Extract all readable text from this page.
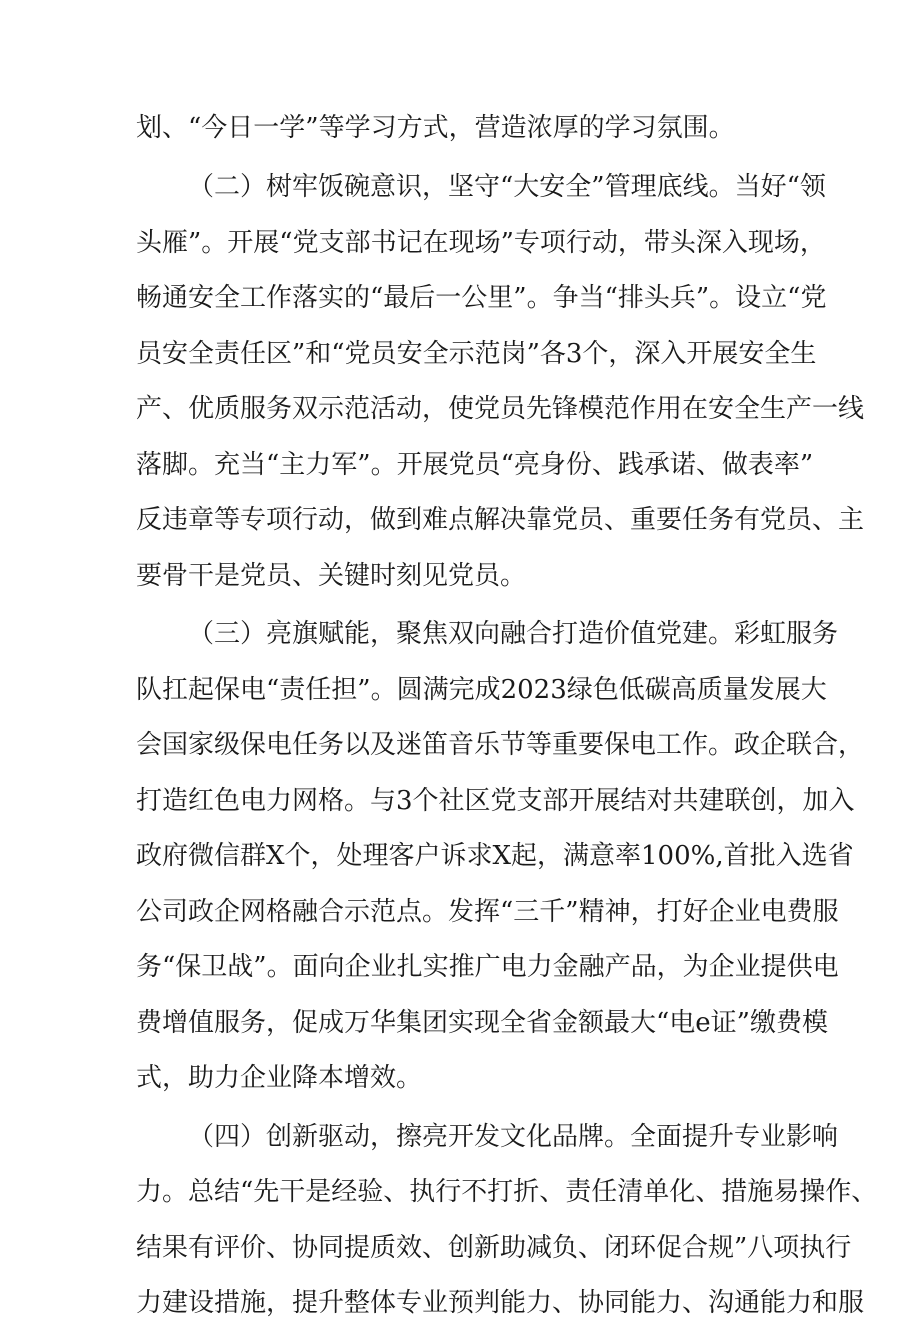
划、“今日一学”等学习方式，营造浓厚的学习氛围。
（二）树牢饭碗意识，坚守“大安全”管理底线。当好“领
头雁”。开展“党支部书记在现场”专项行动，带头深入现场，
畅通安全工作落实的“最后一公里”。争当“排头兵”。设立“党
员安全责任区”和“党员安全示范岗”各3个，深入开展安全生
产、优质服务双示范活动，使党员先锋模范作用在安全生产一线
落脚。充当“主力军”。开展党员“亮身份、践承诺、做表率”
反违章等专项行动，做到难点解决靠党员、重要任务有党员、主
要骨干是党员、关键时刻见党员。
（三）亮旗赋能，聚焦双向融合打造价值党建。彩虹服务
队扛起保电“责任担”。圆满完成2023绿色低碳高质量发展大
会国家级保电任务以及迷笛音乐节等重要保电工作。政企联合，
打造红色电力网格。与3个社区党支部开展结对共建联创，加入
政府微信群X个，处理客户诉求X起，满意率100%,首批入选省
公司政企网格融合示范点。发挥“三千”精神，打好企业电费服
务“保卫战”。面向企业扎实推广电力金融产品，为企业提供电
费增值服务，促成万华集团实现全省金额最大“电e证”缴费模
式，助力企业降本增效。
（四）创新驱动，擦亮开发文化品牌。全面提升专业影响
力。总结“先干是经验、执行不打折、责任清单化、措施易操作、
结果有评价、协同提质效、创新助减负、闭环促合规”八项执行
力建设措施，提升整体专业预判能力、协同能力、沟通能力和服
